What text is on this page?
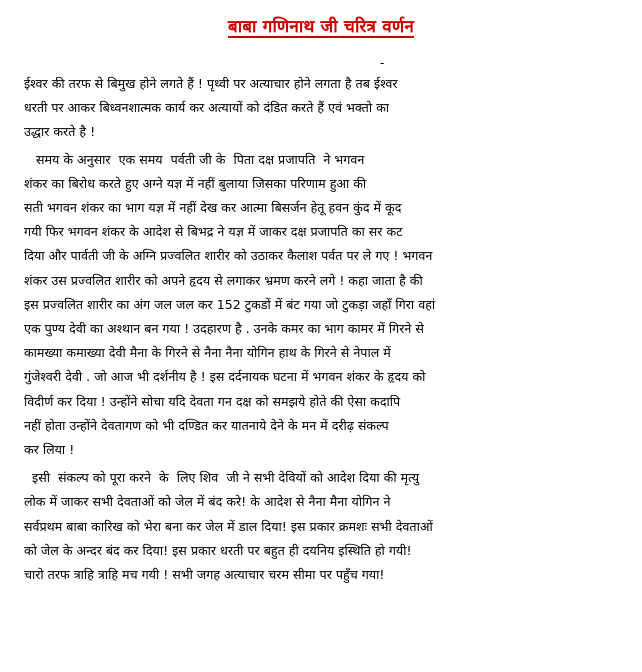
बाबा गणिनाथ जी चरित्र वर्णन
-

ईश्वर की तरफ से बिमुख होने लगते हैं ! पृथ्वी पर अत्याचार होने लगता है तब ईश्वर
धरती पर आकर बिध्वनशात्मक कार्य कर अत्यायों को दंडित करते हैं एवं भक्तो का
उद्धार करते है !

समय के अनुसार  एक समय  पर्वती जी के  पिता दक्ष प्रजापति  ने भगवन
शंकर का बिरोध करते हुए अग्ने यज्ञ में नहीं बुलाया जिसका परिणाम हुआ की
सती भगवन शंकर का भाग यज्ञ में नहीं देख कर आत्मा बिसर्जन हेतू हवन कुंद में कूद
गयी फिर भगवन शंकर के आदेश से बिभद्र ने यज्ञ में जाकर दक्ष प्रजापति का सर कट
दिया और पार्वती जी के अग्नि प्रज्वलित शारीर को उठाकर कैलाश पर्वत पर ले गए ! भगवन
शंकर उस प्रज्वलित शारीर को अपने हृदय से लगाकर भ्रमण करने लगे ! कहा जाता है की
इस प्रज्वलित शारीर का अंग जल जल कर 152 टुकडों में बंट गया जो टुकड़ा जहाँ गिरा वहां
एक पुण्य देवी का अश्थान बन गया ! उदहारण है . उनके कमर का भाग कामर में गिरने से
कामख्या कमाख्या देवी मैना के गिरने से नैना नैना योगिन हाथ के गिरने से नेपाल में
गुंजेश्वरी देवी . जो आज भी दर्शनीय है ! इस दर्दनायक घटना में भगवन शंकर के हृदय को
विदीर्ण कर दिया ! उन्होंने सोचा यदि देवता गन दक्ष को समझये होते की ऐसा कदापि
नहीं होता उन्होंने देवतागण को भी दण्डित कर यातनाये देने के मन में दरीढ़ संकल्प
कर लिया !

इसी  संकल्प को पूरा करने  के  लिए शिव  जी ने सभी देवियों को आदेश दिया की मृत्यु
लोक में जाकर सभी देवताओं को जेल में बंद करे! के आदेश से नैना मैना योगिन ने
सर्वप्रथम बाबा कारिख को भेरा बना कर जेल में डाल दिया! इस प्रकार क्रमशः सभी देवताओं
को जेल के अन्दर बंद कर दिया! इस प्रकार धरती पर बहुत ही दयनिय इस्थिति हो गयी!
चारो तरफ त्राहि त्राहि मच गयी ! सभी जगह अत्याचार चरम सीमा पर पहुँच गया!
